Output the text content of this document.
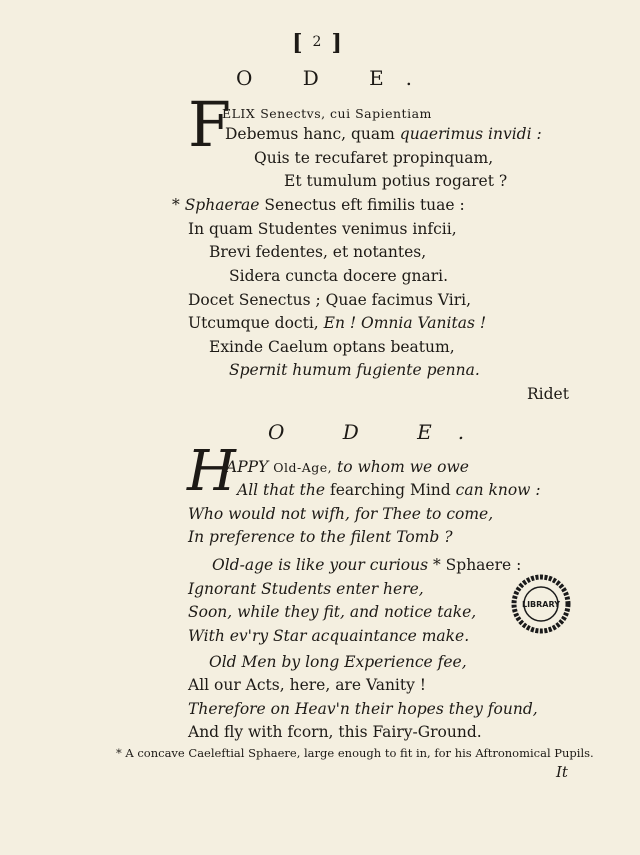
[ 2 ]
O D E.
F
ELIX Senectvs, cui Sapientiam
Debemus hanc, quam quaerimus invidi :
Quis te recufaret propinquam,
Et tumulum potius rogaret ?
* Sphaerae Senectus eft fimilis tuae :
In quam Studentes venimus infcii,
Brevi fedentes, et notantes,
Sidera cuncta docere gnari.
Docet Senectus ; Quae facimus Viri,
Utcumque docti, En ! Omnia Vanitas !
Exinde Caelum optans beatum,
Spernit humum fugiente penna.
Ridet
O D E.
H
APPY Old-Age, to whom we owe
All that the fearching Mind can know :
Who would not wifh, for Thee to come,
In preference to the filent Tomb ?
Old-age is like your curious * Sphaere :
Ignorant Students enter here,
Soon, while they fit, and notice take,
With ev'ry Star acquaintance make.
Old Men by long Experience fee,
All our Acts, here, are Vanity !
Therefore on Heav'n their hopes they found,
And fly with fcorn, this Fairy-Ground.
LIBRARY
* A concave Caeleftial Sphaere, large enough to fit in, for his Aftronomical Pupils.
It
